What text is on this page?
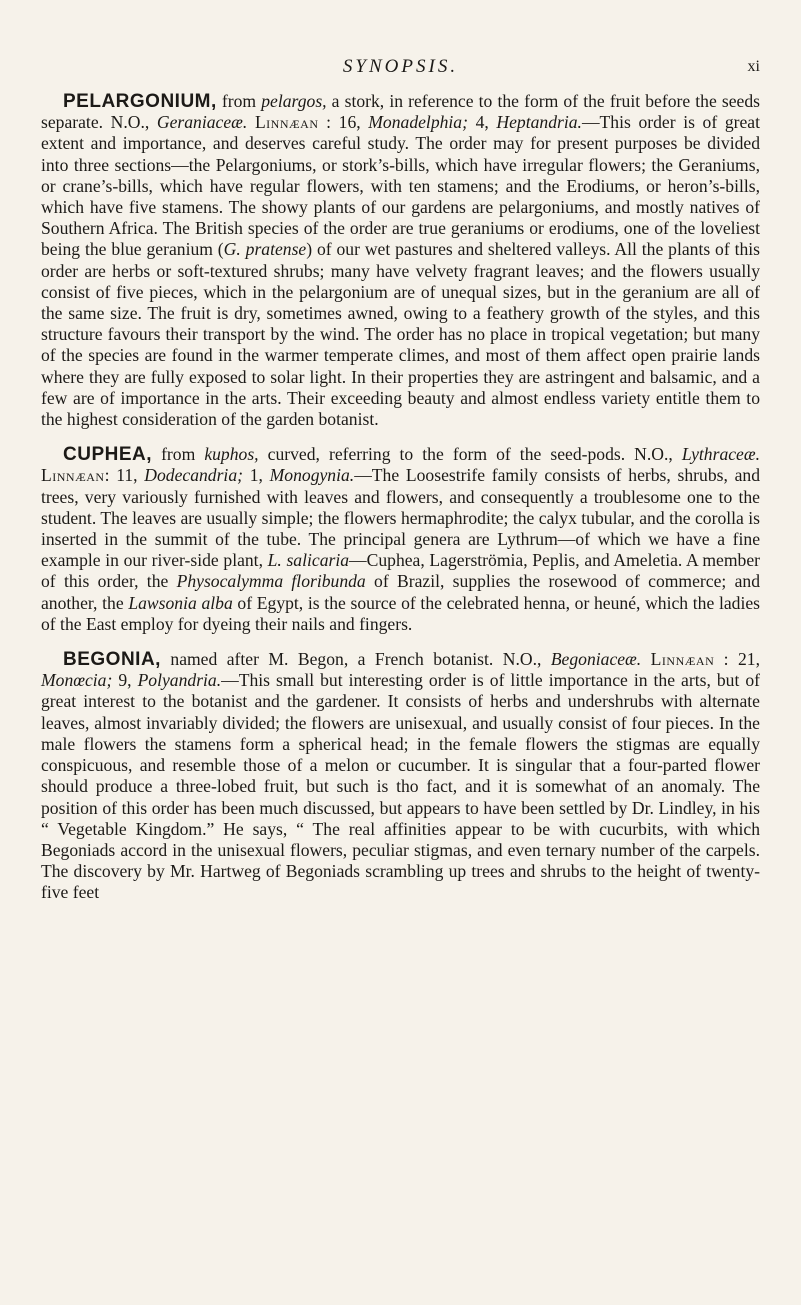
SYNOPSIS.	xi

PELARGONIUM, from pelargos, a stork, in reference to the form of the fruit before the seeds separate. N.O., Geraniaceæ. Linnæan : 16, Monadelphia; 4, Heptandria.—This order is of great extent and importance, and deserves careful study. The order may for present purposes be divided into three sections—the Pelargoniums, or stork’s-bills, which have irregular flowers; the Geraniums, or crane’s-bills, which have regular flowers, with ten stamens; and the Erodiums, or heron’s-bills, which have five stamens. The showy plants of our gardens are pelargoniums, and mostly natives of Southern Africa. The British species of the order are true geraniums or erodiums, one of the loveliest being the blue geranium (G. pratense) of our wet pastures and sheltered valleys. All the plants of this order are herbs or soft-textured shrubs; many have velvety fragrant leaves; and the flowers usually consist of five pieces, which in the pelargonium are of unequal sizes, but in the geranium are all of the same size. The fruit is dry, sometimes awned, owing to a feathery growth of the styles, and this structure favours their transport by the wind. The order has no place in tropical vegetation; but many of the species are found in the warmer temperate climes, and most of them affect open prairie lands where they are fully exposed to solar light. In their properties they are astringent and balsamic, and a few are of importance in the arts. Their exceeding beauty and almost endless variety entitle them to the highest consideration of the garden botanist.

CUPHEA, from kuphos, curved, referring to the form of the seed-pods. N.O., Lythraceæ. Linnæan: 11, Dodecandria; 1, Monogynia.—The Loosestrife family consists of herbs, shrubs, and trees, very variously furnished with leaves and flowers, and consequently a troublesome one to the student. The leaves are usually simple; the flowers hermaphrodite; the calyx tubular, and the corolla is inserted in the summit of the tube. The principal genera are Lythrum—of which we have a fine example in our river-side plant, L. salicaria—Cuphea, Lagerströmia, Peplis, and Ameletia. A member of this order, the Physocalymma floribunda of Brazil, supplies the rosewood of commerce; and another, the Lawsonia alba of Egypt, is the source of the celebrated henna, or heuné, which the ladies of the East employ for dyeing their nails and fingers.

BEGONIA, named after M. Begon, a French botanist. N.O., Begoniaceæ. Linnæan : 21, Monœcia; 9, Polyandria.—This small but interesting order is of little importance in the arts, but of great interest to the botanist and the gardener. It consists of herbs and undershrubs with alternate leaves, almost invariably divided; the flowers are unisexual, and usually consist of four pieces. In the male flowers the stamens form a spherical head; in the female flowers the stigmas are equally conspicuous, and resemble those of a melon or cucumber. It is singular that a four-parted flower should produce a three-lobed fruit, but such is tho fact, and it is somewhat of an anomaly. The position of this order has been much discussed, but appears to have been settled by Dr. Lindley, in his “ Vegetable Kingdom.” He says, “ The real affinities appear to be with cucurbits, with which Begoniads accord in the unisexual flowers, peculiar stigmas, and even ternary number of the carpels. The discovery by Mr. Hartweg of Begoniads scrambling up trees and shrubs to the height of twenty-five feet
